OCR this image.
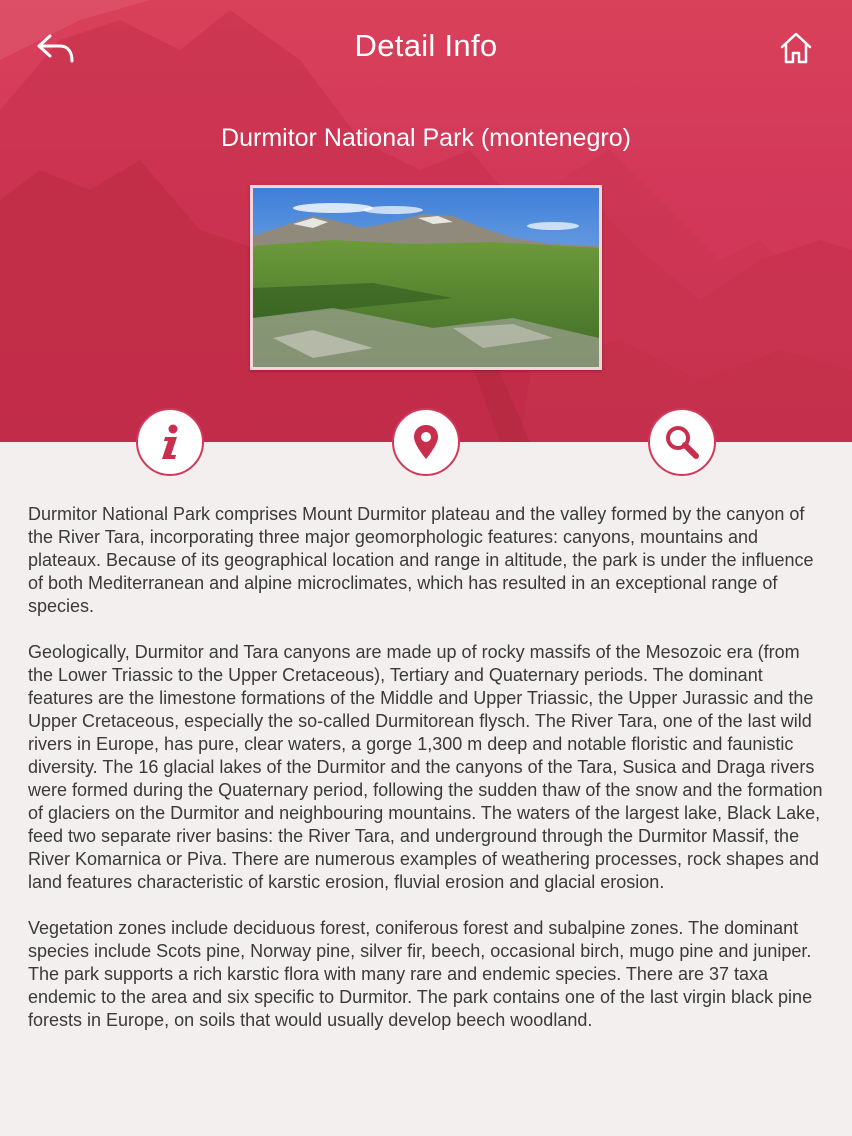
Detail Info
Durmitor National Park (montenegro)

Durmitor National Park comprises Mount Durmitor plateau and the valley formed by the canyon of the River Tara, incorporating three major geomorphologic features: canyons, mountains and plateaux. Because of its geographical location and range in altitude, the park is under the influence of both Mediterranean and alpine microclimates, which has resulted in an exceptional range of species.

Geologically, Durmitor and Tara canyons are made up of rocky massifs of the Mesozoic era (from the Lower Triassic to the Upper Cretaceous), Tertiary and Quaternary periods. The dominant features are the limestone formations of the Middle and Upper Triassic, the Upper Jurassic and the Upper Cretaceous, especially the so-called Durmitorean flysch. The River Tara, one of the last wild rivers in Europe, has pure, clear waters, a gorge 1,300 m deep and notable floristic and faunistic diversity. The 16 glacial lakes of the Durmitor and the canyons of the Tara, Susica and Draga rivers were formed during the Quaternary period, following the sudden thaw of the snow and the formation of glaciers on the Durmitor and neighbouring mountains. The waters of the largest lake, Black Lake, feed two separate river basins: the River Tara, and underground through the Durmitor Massif, the River Komarnica or Piva. There are numerous examples of weathering processes, rock shapes and land features characteristic of karstic erosion, fluvial erosion and glacial erosion.

Vegetation zones include deciduous forest, coniferous forest and subalpine zones. The dominant species include Scots pine, Norway pine, silver fir, beech, occasional birch, mugo pine and juniper. The park supports a rich karstic flora with many rare and endemic species. There are 37 taxa endemic to the area and six specific to Durmitor. The park contains one of the last virgin black pine forests in Europe, on soils that would usually develop beech woodland.
